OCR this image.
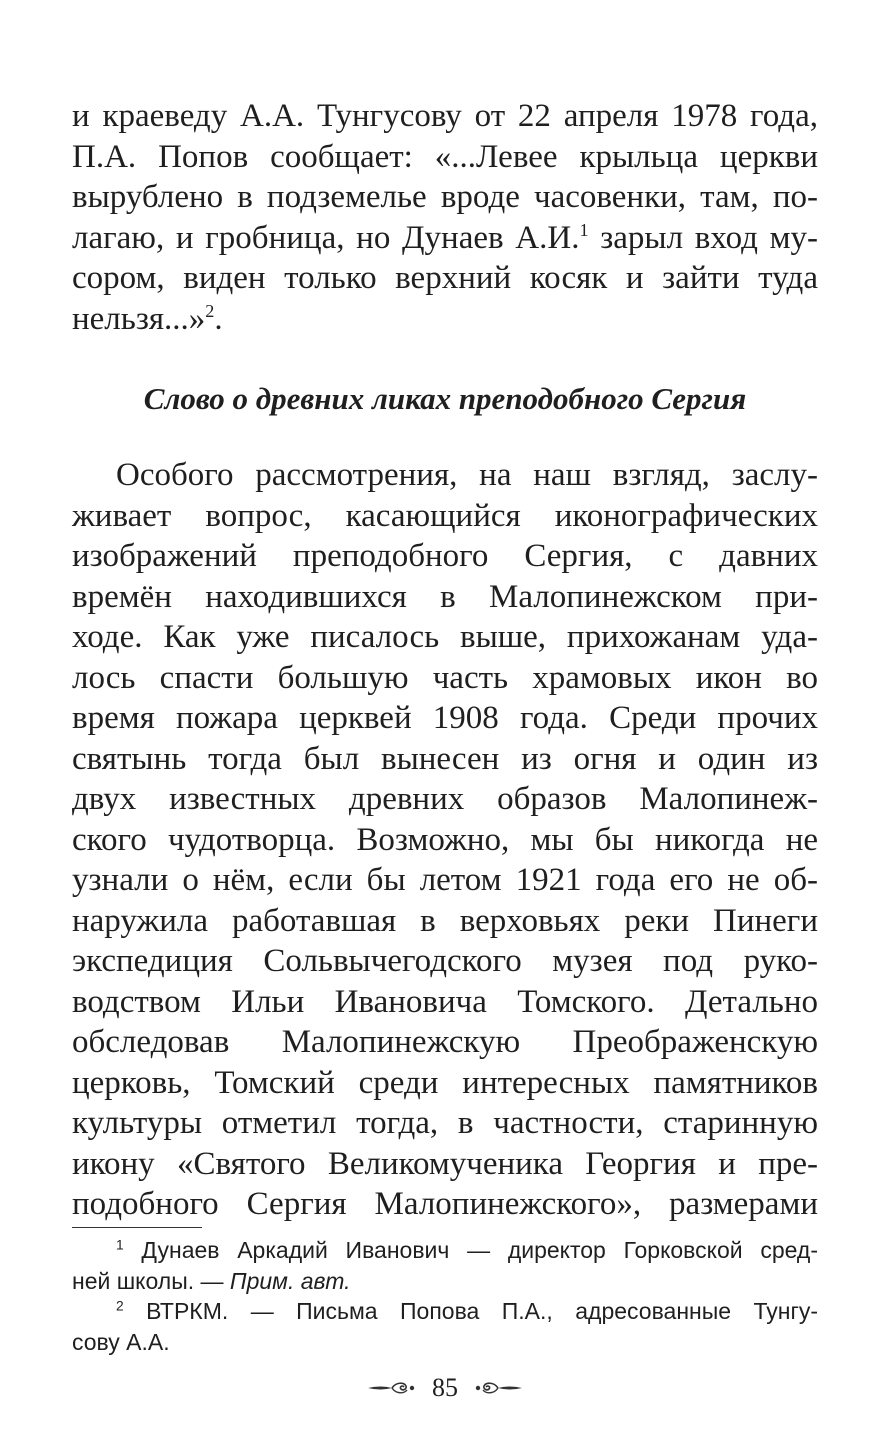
и краеведу А.А. Тунгусову от 22 апреля 1978 года,
П.А. Попов сообщает: «...Левее крыльца церкви
вырублено в подземелье вроде часовенки, там, по-
лагаю, и гробница, но Дунаев А.И.$^1$ зарыл вход му-
сором, виден только верхний косяк и зайти туда
нельзя...»$^2$.
Слово о древних ликах преподобного Сергия
Особого рассмотрения, на наш взгляд, заслу-
живает вопрос, касающийся иконографических
изображений преподобного Сергия, с давних
времён находившихся в Малопинежском при-
ходе. Как уже писалось выше, прихожанам уда-
лось спасти большую часть храмовых икон во
время пожара церквей 1908 года. Среди прочих
святынь тогда был вынесен из огня и один из
двух известных древних образов Малопинеж-
ского чудотворца. Возможно, мы бы никогда не
узнали о нём, если бы летом 1921 года его не об-
наружила работавшая в верховьях реки Пинеги
экспедиция Сольвычегодского музея под руко-
водством Ильи Ивановича Томского. Детально
обследовав Малопинежскую Преображенскую
церковь, Томский среди интересных памятников
культуры отметил тогда, в частности, старинную
икону «Святого Великомученика Георгия и пре-
подобного Сергия Малопинежского», размерами
$^1$ Дунаев Аркадий Иванович — директор Горковской сред-
ней школы. — Прим. авт.
$^2$ ВТРКМ. — Письма Попова П.А., адресованные Тунгу-
сову А.А.
85
